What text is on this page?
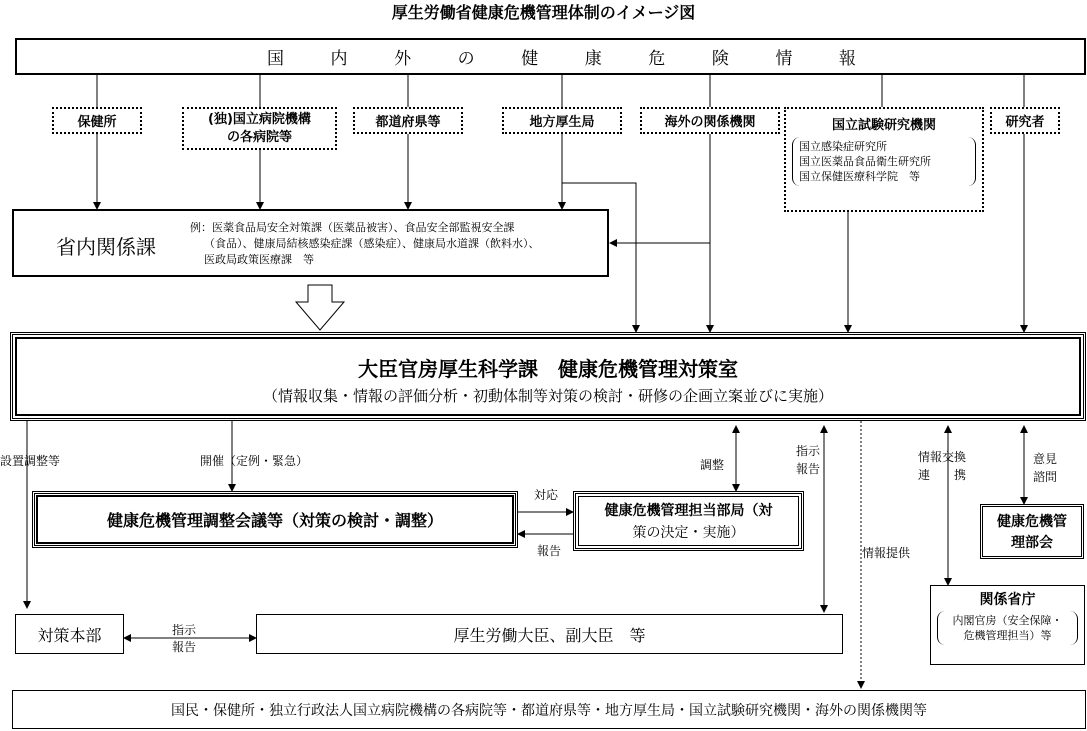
厚生労働省健康危機管理体制のイメージ図
国	内	外	の	健	康	危	険	情	報
保健所	(独)国立病院機構
の各病院等
都道府県等	地方厚生局	海外の関係機関	国立試験研究機関
国立感染症研究所
国立医薬品食品衛生研究所
国立保健医療科学院　等
研究者
省内関係課
例：医薬食品局安全対策課（医薬品被害）、食品安全部監視安全課
（食品）、健康局結核感染症課（感染症）、健康局水道課（飲料水）、
医政局政策医療課　等
大臣官房厚生科学課　健康危機管理対策室
（情報収集・情報の評価分析・初動体制等対策の検討・研修の企画立案並びに実施）
設置調整等	開催（定例・緊急）	調整
指示
報告
対応
報告
情報交換
連　　携
意見
諮問
情報提供
指示
報告
健康危機管理調整会議等（対策の検討・調整）	健康危機管理担当部局（対
策の決定・実施）
健康危機管
理部会
関係省庁
内閣官房（安全保障・
危機管理担当）等
対策本部	厚生労働大臣、副大臣　等
国民・保健所・独立行政法人国立病院機構の各病院等・都道府県等・地方厚生局・国立試験研究機関・海外の関係機関等
